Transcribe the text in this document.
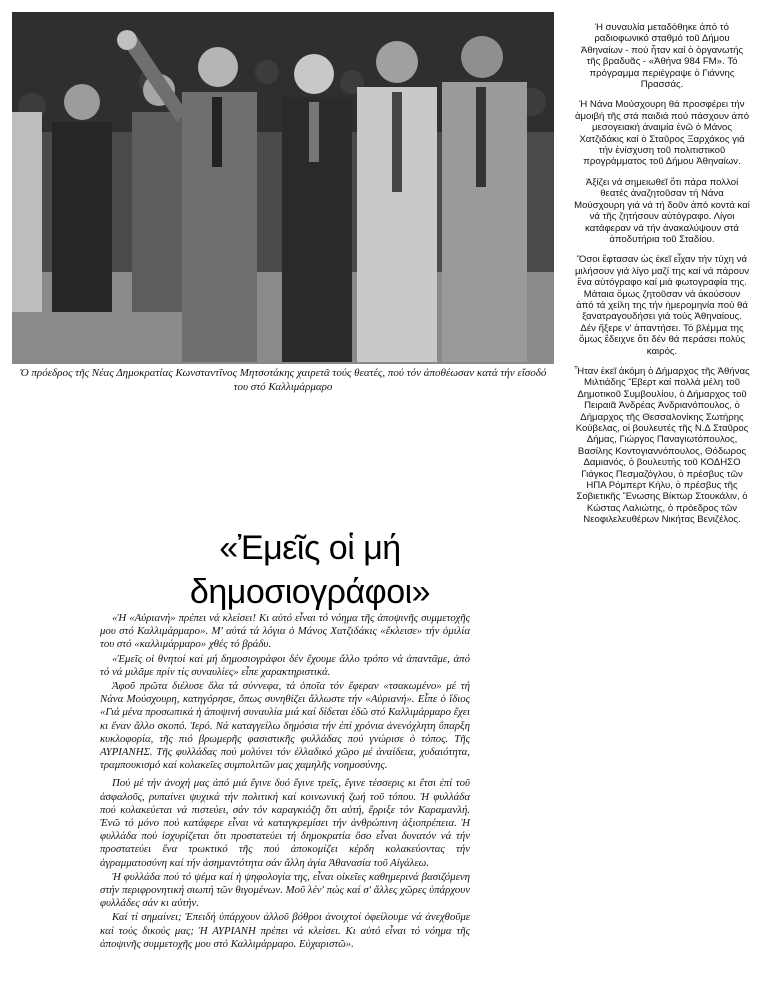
Ὁ πρόεδρος τῆς Νέας Δημοκρατίας Κωνσταντῖνος Μητσοτάκης χαιρετᾶ τούς θεατές, πού τόν ἀποθέωσαν κατά τήν εἴσοδό του στό Καλλιμάρμαρο

Ἡ συναυλία μεταδόθηκε ἀπό τό ραδιοφωνικό σταθμό τοῦ Δήμου Ἀθηναίων - πού ἦταν καί ὁ ὀργανωτής τῆς βραδυᾶς - «Ἀθήνα 984 FM». Τό πρόγραμμα περιέγραψε ὁ Γιάννης Πρασσάς.

Ἡ Νάνα Μούσχουρη θά προσφέρει τήν ἀμοιβή τῆς στά παιδιά πού πάσχουν ἀπό μεσογειακή ἀναιμία ἐνῶ ὁ Μάνος Χατζιδάκις καί ὁ Σταῦρος Ξαρχάκος γιά τήν ἐνίσχυση τοῦ πολιτιστικοῦ προγράμματος τοῦ Δήμου Ἀθηναίων.

Ἀξίζει νά σημειωθεῖ ὅτι πάρα πολλοί θεατές ἀναζητοῦσαν τή Νάνα Μούσχουρη γιά νά τή δοῦν ἀπό κοντά καί νά τῆς ζητήσουν αὐτόγραφο. Λίγοι κατάφεραν νά τήν ἀνακαλύψουν στά ἀποδυτήρια τοῦ Σταδίου.

Ὅσοι ἔφτασαν ὡς ἐκεῖ εἶχαν τήν τύχη νά μιλήσουν γιά λίγο μαζί της καί νά πάρουν ἕνα αὐτόγραφο καί μιά φωτογραφία της. Μάταια ὅμως ζητοῦσαν νά ἀκούσουν ἀπό τά χείλη της τήν ἡμερομηνία πού θά ξανατραγουδήσει γιά τούς Ἀθηναίους. Δέν ἤξερε ν' ἀπαντήσει. Τό βλέμμα της ὅμως ἔδειχνε ὅτι δέν θά περάσει πολύς καιρός.

Ἦταν ἐκεῖ ἀκόμη ὁ Δήμαρχος τῆς Ἀθήνας Μιλτιάδης Ἔβερτ καί πολλά μέλη τοῦ Δημοτικοῦ Συμβουλίου, ὁ Δήμαρχος τοῦ Πειραιᾶ Ἀνδρέας Ἀνδριανόπουλος, ὁ Δήμαρχος τῆς Θεσσαλονίκης Σωτήρης Κούβελας, οἱ βουλευτές τῆς Ν.Δ Σταῦρος Δήμας, Γιώργος Παναγιωτόπουλος, Βασίλης Κοντογιαννόπουλος, Θόδωρος Δαμιανός, ὁ βουλευτής τοῦ ΚΟΔΗΣΟ Γιάγκος Πεσμαζόγλου, ὁ πρέσβυς τῶν ΗΠΑ Ρόμπερτ Κήλυ, ὁ πρέσβυς τῆς Σοβιετικῆς Ἕνωσης Βίκτωρ Στουκάλιν, ὁ Κώστας Λαλιώτης, ὁ πρόεδρος τῶν Νεοφιλελευθέρων Νικήτας Βενιζέλος.

«Ἐμεῖς οἱ μή
δημοσιογράφοι»

«Ἡ «Αὐριανή» πρέπει νά κλείσει! Κι αὐτό εἶναι τό νόημα τῆς ἀποψινῆς συμμετοχῆς μου στό Καλλιμάρμαρο». Μ' αὐτά τά λόγια ὁ Μάνος Χατζιδάκις «ἔκλεισε» τήν ὁμιλία του στό «καλλιμάρμαρο» χθές τό βράδυ.

«Ἐμεῖς οἱ θνητοί καί μή δημοσιογράφοι δέν ἔχουμε ἄλλο τρόπο νά ἀπαντᾶμε, ἀπό τό νά μιλᾶμε πρίν τίς συναυλίες» εἶπε χαρακτηριστικά.

Ἀφοῦ πρῶτα διέλυσε ὅλα τά σύννεφα, τά ὁποῖα τόν ἔφεραν «τσακωμένο» μέ τή Νάνα Μούσχουρη, κατηγόρησε, ὅπως συνηθίζει ἄλλωστε τήν «Αὐριανή». Εἶπε ὁ ἴδιος «Γιά μένα προσωπικά ἡ ἀποψινή συναυλία μιά καί δίδεται ἐδῶ στό Καλλιμάρμαρο ἔχει κι ἕναν ἄλλο σκοπό. Ἱερό. Νά καταγγείλω δημόσια τήν ἐπί χρόνια ἀνενόχλητη ὕπαρξη κυκλοφορία, τῆς πιό βρωμερῆς φασιστικῆς φυλλάδας πού γνώρισε ὁ τόπος. Τῆς ΑΥΡΙΑΝΗΣ. Τῆς φυλλάδας πού μολύνει τόν ἑλλαδικό χῶρο μέ ἀναίδεια, χυδαιότητα, τραμπουκισμό καί κολακεῖες συμπολιτῶν μας χαμηλῆς νοημοσύνης.

Πού μέ τήν ἀνοχή μας ἀπό μιά ἔγινε δυό ἔγινε τρεῖς, ἔγινε τέσσερις κι ἔτσι ἐπί τοῦ ἀσφαλοῦς, ρυπαίνει ψυχικά τήν πολιτική καί κοινωνική ζωή τοῦ τόπου. Ἡ φυλλάδα πού κολακεύεται νά πιστεύει, σάν τόν καραγκιόζη ὅτι αὐτή, ἔρριξε τόν Καραμανλή. Ἐνῶ τό μόνο πού κατάφερε εἶναι νά καταγκρεμίσει τήν ἀνθρώπινη ἀξιοπρέπεια. Ἡ φυλλάδα πού ἰσχυρίζεται ὅτι προστατεύει τή δημοκρατία ὅσο εἶναι δυνατόν νά τήν προστατεύει ἕνα τρωκτικό τῆς πού ἀποκομίζει κέρδη κολακεύοντας τήν ἀγραμματοσύνη καί τήν ἀσημαντότητα σάν ἄλλη ἁγία Ἀθανασία τοῦ Αἰγάλεω.

Ἡ φυλλάδα πού τό ψέμα καί ἡ ψηφολογία της, εἶναι οἰκεῖες καθημερινά βασιζόμενη στήν περιφρονητική σιωπή τῶν θιγομένων. Μοῦ λέν' πώς καί σ' ἄλλες χῶρες ὑπάρχουν φυλλάδες σάν κι αὐτήν.

Καί τί σημαίνει; Ἐπειδή ὑπάρχουν ἀλλοῦ βόθροι ἀνοιχτοί ὀφείλουμε νά ἀνεχθοῦμε καί τούς δικούς μας; Ἡ ΑΥΡΙΑΝΗ πρέπει νά κλείσει. Κι αὐτό εἶναι τό νόημα τῆς ἀποψινῆς συμμετοχῆς μου στό Καλλιμάρμαρο. Εὐχαριστῶ».
